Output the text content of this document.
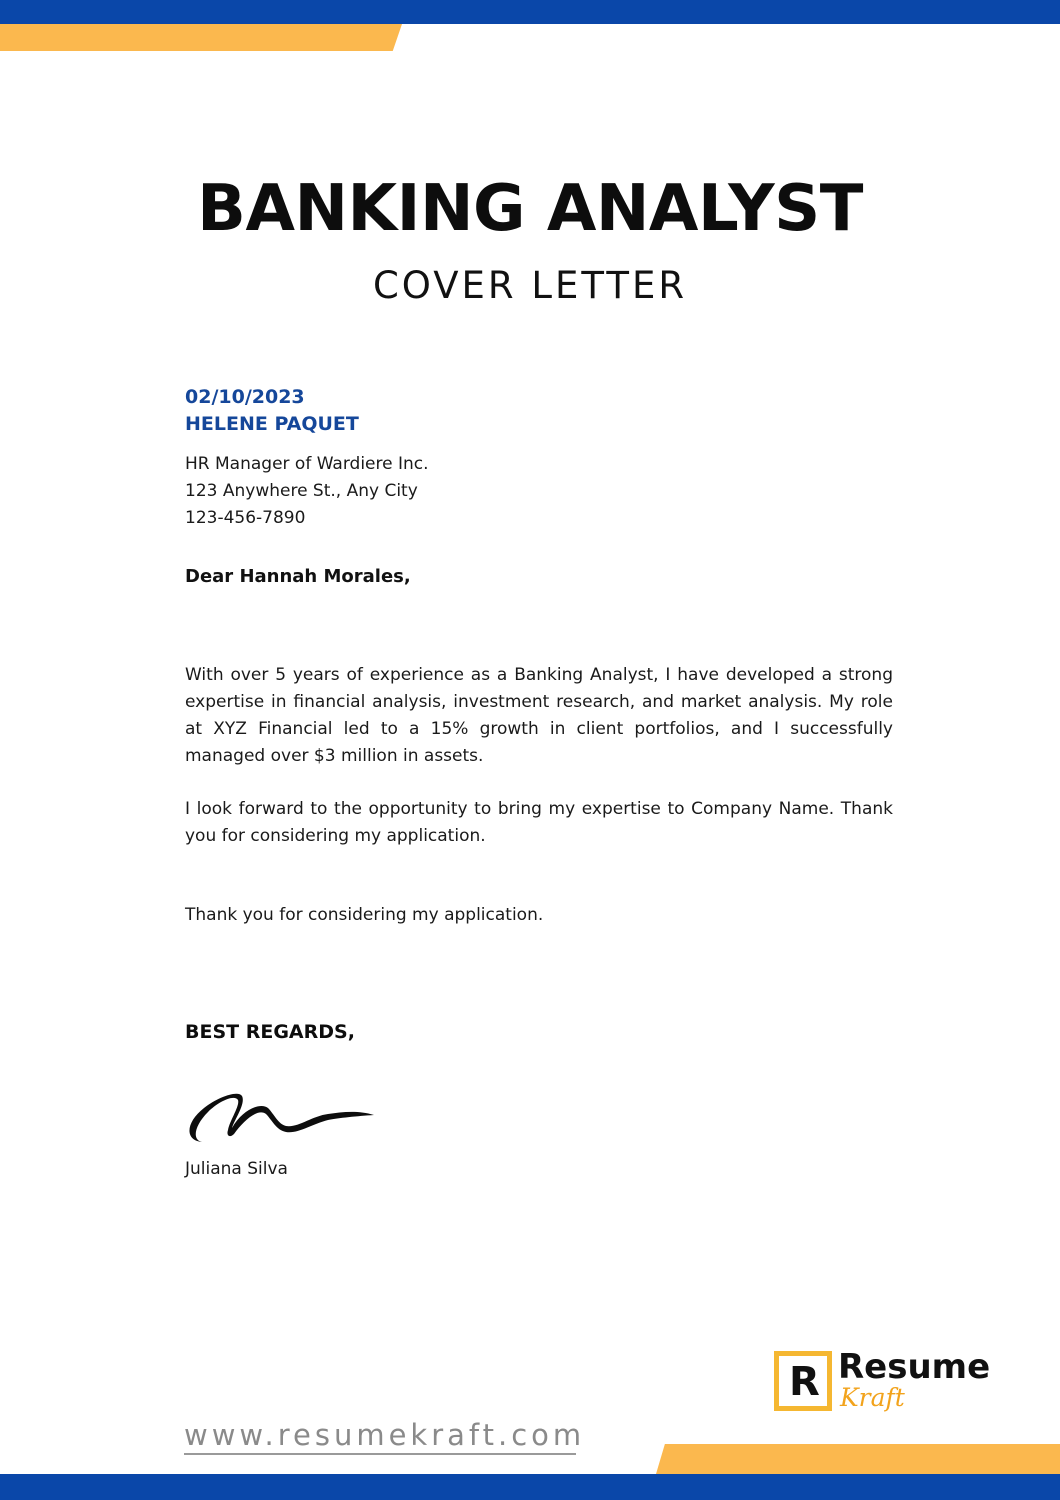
BANKING ANALYST
COVER LETTER
02/10/2023
HELENE PAQUET
HR Manager of Wardiere Inc.
123 Anywhere St., Any City
123-456-7890
Dear Hannah Morales,

With over 5 years of experience as a Banking Analyst, I have developed a strong expertise in financial analysis, investment research, and market analysis. My role at XYZ Financial led to a 15% growth in client portfolios, and I successfully managed over $3 million in assets.

I look forward to the opportunity to bring my expertise to Company Name. Thank you for considering my application.

Thank you for considering my application.

BEST REGARDS,
Juliana Silva
R Resume
Kraft
www.resumekraft.com
